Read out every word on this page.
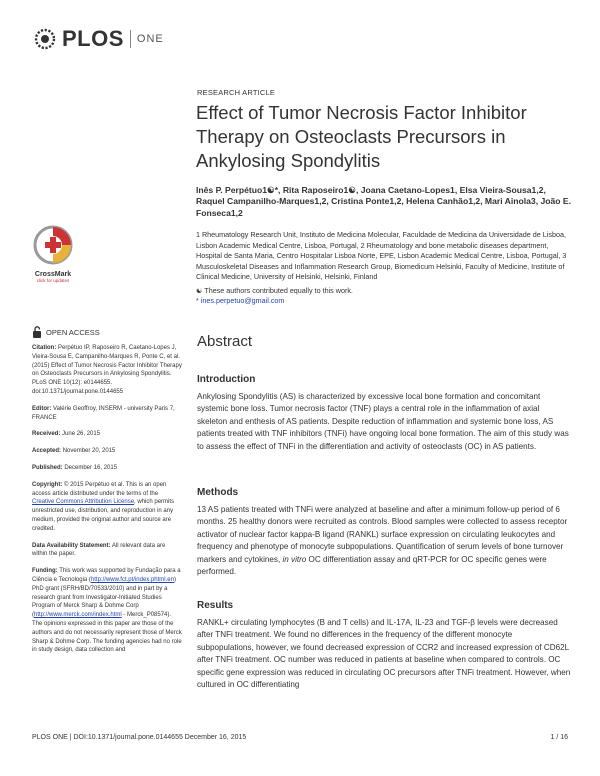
PLOS ONE
RESEARCH ARTICLE
Effect of Tumor Necrosis Factor Inhibitor Therapy on Osteoclasts Precursors in Ankylosing Spondylitis
Inês P. Perpétuo1☯*, Rita Raposeiro1☯, Joana Caetano-Lopes1, Elsa Vieira-Sousa1,2, Raquel Campanilho-Marques1,2, Cristina Ponte1,2, Helena Canhão1,2, Mari Ainola3, João E. Fonseca1,2
1 Rheumatology Research Unit, Instituto de Medicina Molecular, Faculdade de Medicina da Universidade de Lisboa, Lisbon Academic Medical Centre, Lisboa, Portugal, 2 Rheumatology and bone metabolic diseases department, Hospital de Santa Maria, Centro Hospitalar Lisboa Norte, EPE, Lisbon Academic Medical Centre, Lisboa, Portugal, 3 Musculoskeletal Diseases and Inflammation Research Group, Biomedicum Helsinki, Faculty of Medicine, Institute of Clinical Medicine, University of Helsinki, Helsinki, Finland
☯ These authors contributed equally to this work.
* ines.perpetuo@gmail.com
CrossMark
click for updates
OPEN ACCESS

Citation: Perpétuo IP, Raposeiro R, Caetano-Lopes J, Vieira-Sousa E, Campanilho-Marques R, Ponte C, et al. (2015) Effect of Tumor Necrosis Factor Inhibitor Therapy on Osteoclasts Precursors in Ankylosing Spondylitis. PLoS ONE 10(12): e0144655. doi:10.1371/journal.pone.0144655

Editor: Valérie Geoffroy, INSERM - university Paris 7, FRANCE

Received: June 26, 2015

Accepted: November 20, 2015

Published: December 16, 2015

Copyright: © 2015 Perpétuo et al. This is an open access article distributed under the terms of the Creative Commons Attribution License, which permits unrestricted use, distribution, and reproduction in any medium, provided the original author and source are credited.

Data Availability Statement: All relevant data are within the paper.

Funding: This work was supported by Fundação para a Ciência e Tecnologia (http://www.fct.pt/index.phtml.en) PhD grant (SFRH/BD/70533/2010) and in part by a research grant from Investigator-Initiated Studies Program of Merck Sharp & Dohme Corp (http://www.merck.com/index.html - Merck_P08574). The opinions expressed in this paper are those of the authors and do not necessarily represent those of Merck Sharp & Dohme Corp. The funding agencies had no role in study design, data collection and

Abstract
Introduction
Ankylosing Spondylitis (AS) is characterized by excessive local bone formation and concomitant systemic bone loss. Tumor necrosis factor (TNF) plays a central role in the inflammation of axial skeleton and enthesis of AS patients. Despite reduction of inflammation and systemic bone loss, AS patients treated with TNF inhibitors (TNFi) have ongoing local bone formation. The aim of this study was to assess the effect of TNFi in the differentiation and activity of osteoclasts (OC) in AS patients.
Methods
13 AS patients treated with TNFi were analyzed at baseline and after a minimum follow-up period of 6 months. 25 healthy donors were recruited as controls. Blood samples were collected to assess receptor activator of nuclear factor kappa-B ligand (RANKL) surface expression on circulating leukocytes and frequency and phenotype of monocyte subpopulations. Quantification of serum levels of bone turnover markers and cytokines, in vitro OC differentiation assay and qRT-PCR for OC specific genes were performed.
Results
RANKL+ circulating lymphocytes (B and T cells) and IL-17A, IL-23 and TGF-β levels were decreased after TNFi treatment. We found no differences in the frequency of the different monocyte subpopulations, however, we found decreased expression of CCR2 and increased expression of CD62L after TNFi treatment. OC number was reduced in patients at baseline when compared to controls. OC specific gene expression was reduced in circulating OC precursors after TNFi treatment. However, when cultured in OC differentiating
PLOS ONE | DOI:10.1371/journal.pone.0144655 December 16, 2015	1 / 16
